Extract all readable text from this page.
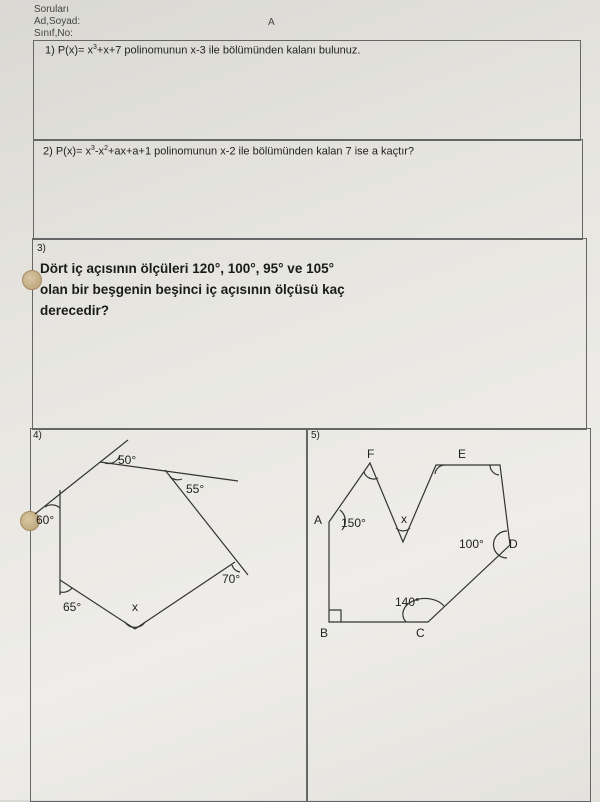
Soruları
Ad,Soyad:
Sınıf,No:
A
1) $P(x)= x^3+x+7$ polinomunun x-3 ile bölümünden kalanı bulunuz.
2) $P(x)= x^3-x^2+ax+a+1$ polinomunun x-2 ile bölümünden kalan 7 ise a kaçtır?
3)
Dört iç açısının ölçüleri 120°, 100°, 95° ve 105°
olan bir beşgenin beşinci iç açısının ölçüsü kaç
derecedir?
4)
50°
55°
60°
70°
65°	x
5)
·
A
B	C
D
E
F
150°
100°
140°
x
